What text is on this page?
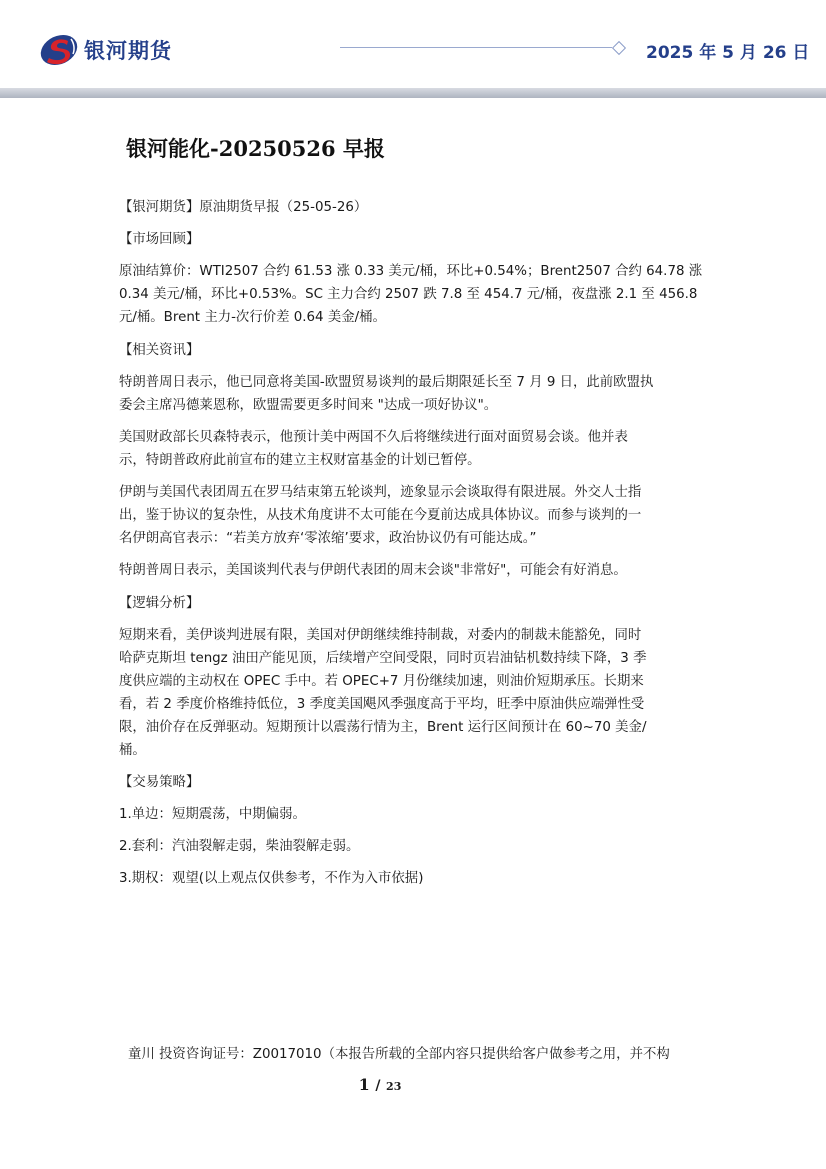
银河期货	2025 年 5 月 26 日
银河能化-20250526 早报
【银河期货】原油期货早报（25-05-26）
【市场回顾】
原油结算价：WTI2507 合约 61.53 涨 0.33 美元/桶，环比+0.54%；Brent2507 合约 64.78 涨
0.34 美元/桶，环比+0.53%。SC 主力合约 2507 跌 7.8 至 454.7 元/桶，夜盘涨 2.1 至 456.8
元/桶。Brent 主力-次行价差 0.64 美金/桶。
【相关资讯】
特朗普周日表示，他已同意将美国-欧盟贸易谈判的最后期限延长至 7 月 9 日，此前欧盟执
委会主席冯德莱恩称，欧盟需要更多时间来 "达成一项好协议"。
美国财政部长贝森特表示，他预计美中两国不久后将继续进行面对面贸易会谈。他并表
示，特朗普政府此前宣布的建立主权财富基金的计划已暂停。
伊朗与美国代表团周五在罗马结束第五轮谈判，迹象显示会谈取得有限进展。外交人士指
出，鉴于协议的复杂性，从技术角度讲不太可能在今夏前达成具体协议。而参与谈判的一
名伊朗高官表示：“若美方放弃‘零浓缩’要求，政治协议仍有可能达成。”
特朗普周日表示，美国谈判代表与伊朗代表团的周末会谈"非常好"，可能会有好消息。
【逻辑分析】
短期来看，美伊谈判进展有限，美国对伊朗继续维持制裁，对委内的制裁未能豁免，同时
哈萨克斯坦 tengz 油田产能见顶，后续增产空间受限，同时页岩油钻机数持续下降，3 季
度供应端的主动权在 OPEC 手中。若 OPEC+7 月份继续加速，则油价短期承压。长期来
看，若 2 季度价格维持低位，3 季度美国飓风季强度高于平均，旺季中原油供应端弹性受
限，油价存在反弹驱动。短期预计以震荡行情为主，Brent 运行区间预计在 60~70 美金/
桶。
【交易策略】
1.单边：短期震荡，中期偏弱。
2.套利：汽油裂解走弱，柴油裂解走弱。
3.期权：观望(以上观点仅供参考，不作为入市依据)
童川 投资咨询证号：Z0017010（本报告所载的全部内容只提供给客户做参考之用，并不构
1 / 23
